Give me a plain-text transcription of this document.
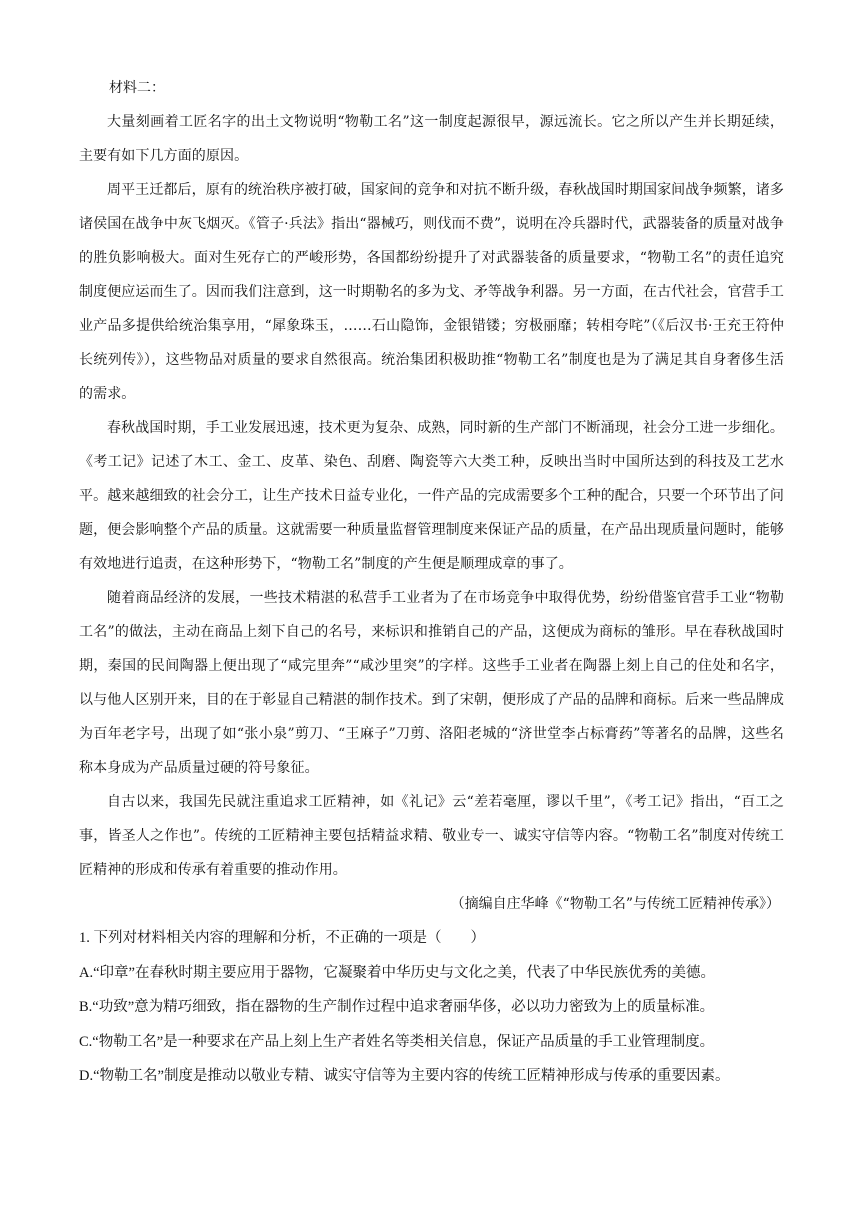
材料二：

大量刻画着工匠名字的出土文物说明“物勒工名”这一制度起源很早，源远流长。它之所以产生并长期延续，主要有如下几方面的原因。

周平王迁都后，原有的统治秩序被打破，国家间的竞争和对抗不断升级，春秋战国时期国家间战争频繁，诸多诸侯国在战争中灰飞烟灭。《管子·兵法》指出“器械巧，则伐而不费”，说明在冷兵器时代，武器装备的质量对战争的胜负影响极大。面对生死存亡的严峻形势，各国都纷纷提升了对武器装备的质量要求，“物勒工名”的责任追究制度便应运而生了。因而我们注意到，这一时期勒名的多为戈、矛等战争利器。另一方面，在古代社会，官营手工业产品多提供给统治集享用，“犀象珠玉，……石山隐饰，金银错镂；穷极丽靡；转相夸咤”（《后汉书·王充王符仲长统列传》），这些物品对质量的要求自然很高。统治集团积极助推“物勒工名”制度也是为了满足其自身奢侈生活的需求。

春秋战国时期，手工业发展迅速，技术更为复杂、成熟，同时新的生产部门不断涌现，社会分工进一步细化。《考工记》记述了木工、金工、皮革、染色、刮磨、陶瓷等六大类工种，反映出当时中国所达到的科技及工艺水平。越来越细致的社会分工，让生产技术日益专业化，一件产品的完成需要多个工种的配合，只要一个环节出了问题，便会影响整个产品的质量。这就需要一种质量监督管理制度来保证产品的质量，在产品出现质量问题时，能够有效地进行追责，在这种形势下，“物勒工名”制度的产生便是顺理成章的事了。

随着商品经济的发展，一些技术精湛的私营手工业者为了在市场竞争中取得优势，纷纷借鉴官营手工业“物勒工名”的做法，主动在商品上刻下自己的名号，来标识和推销自己的产品，这便成为商标的雏形。早在春秋战国时期，秦国的民间陶器上便出现了“咸完里奔”“咸沙里突”的字样。这些手工业者在陶器上刻上自己的住处和名字，以与他人区别开来，目的在于彰显自己精湛的制作技术。到了宋朝，便形成了产品的品牌和商标。后来一些品牌成为百年老字号，出现了如“张小泉”剪刀、“王麻子”刀剪、洛阳老城的“济世堂李占标膏药”等著名的品牌，这些名称本身成为产品质量过硬的符号象征。

自古以来，我国先民就注重追求工匠精神，如《礼记》云“差若毫厘，谬以千里”，《考工记》指出，“百工之事，皆圣人之作也”。传统的工匠精神主要包括精益求精、敬业专一、诚实守信等内容。“物勒工名”制度对传统工匠精神的形成和传承有着重要的推动作用。

（摘编自庄华峰《“物勒工名”与传统工匠精神传承》）

1. 下列对材料相关内容的理解和分析，不正确的一项是（　　）

A.“印章”在春秋时期主要应用于器物，它凝聚着中华历史与文化之美，代表了中华民族优秀的美德。

B.“功致”意为精巧细致，指在器物的生产制作过程中追求奢丽华侈，必以功力密致为上的质量标准。

C.“物勒工名”是一种要求在产品上刻上生产者姓名等类相关信息，保证产品质量的手工业管理制度。

D.“物勒工名”制度是推动以敬业专精、诚实守信等为主要内容的传统工匠精神形成与传承的重要因素。
